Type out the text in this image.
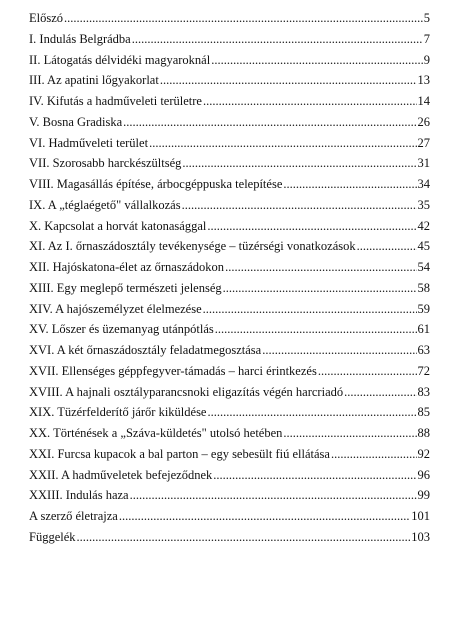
Előszó .....	5
I. Indulás Belgrádba .....	7
II. Látogatás délvidéki magyaroknál .....	9
III. Az apatini lőgyakorlat .....	13
IV. Kifutás a hadműveleti területre .....	14
V. Bosna Gradiska .....	26
VI. Hadműveleti terület .....	27
VII. Szorosabb harckészültség .....	31
VIII. Magasállás építése, árbocgéppuska telepítése .....	34
IX. A „téglaégető" vállalkozás .....	35
X. Kapcsolat a horvát katonasággal .....	42
XI. Az I. őrnaszádosztály tevékenysége – tüzérségi vonatkozások .....	45
XII. Hajóskatona-élet az őrnaszádokon .....	54
XIII. Egy meglepő természeti jelenség .....	58
XIV. A hajószemélyzet élelmezése .....	59
XV. Lőszer és üzemanyag utánpótlás .....	61
XVI. A két őrnaszádosztály feladatmegosztása .....	63
XVII. Ellenséges géppfegyver-támadás – harci érintkezés .....	72
XVIII. A hajnali osztályparancsnoki eligazítás végén harcriadó .....	83
XIX. Tüzérfelderítő járőr kiküldése .....	85
XX. Történések a „Száva-küldetés" utolsó hetében .....	88
XXI. Furcsa kupacok a bal parton – egy sebesült fiú ellátása .....	92
XXII. A hadműveletek befejeződnek .....	96
XXIII. Indulás haza .....	99
A szerző életrajza .....	101
Függelék .....	103
